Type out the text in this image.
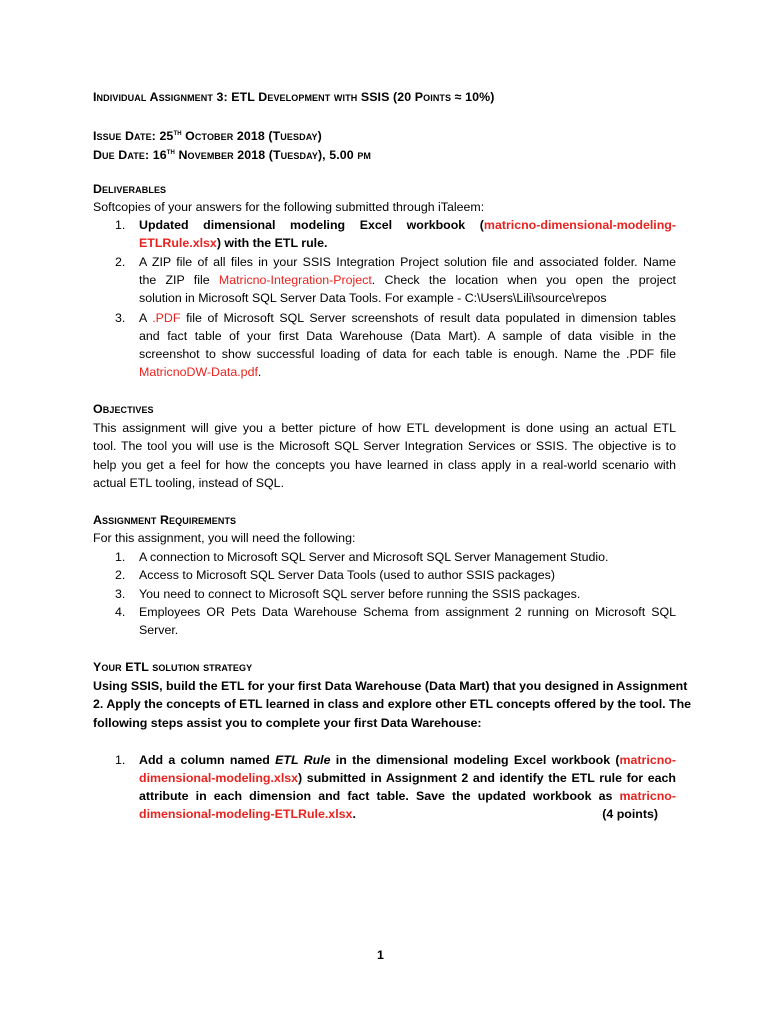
Individual Assignment 3: ETL Development with SSIS (20 Points ≈ 10%)
Issue Date: 25th October 2018 (Tuesday)
Due Date: 16th November 2018 (Tuesday), 5.00 pm
Deliverables
Softcopies of your answers for the following submitted through iTaleem:
1. Updated dimensional modeling Excel workbook (matricno-dimensional-modeling-
ETLRule.xlsx) with the ETL rule.
2. A ZIP file of all files in your SSIS Integration Project solution file and associated folder. Name
the ZIP file Matricno-Integration-Project. Check the location when you open the project
solution in Microsoft SQL Server Data Tools. For example - C:\Users\Lili\source\repos
3. A .PDF file of Microsoft SQL Server screenshots of result data populated in dimension tables
and fact table of your first Data Warehouse (Data Mart). A sample of data visible in the
screenshot to show successful loading of data for each table is enough. Name the .PDF file
MatricnoDW-Data.pdf.
Objectives
This assignment will give you a better picture of how ETL development is done using an actual ETL
tool. The tool you will use is the Microsoft SQL Server Integration Services or SSIS. The objective is to
help you get a feel for how the concepts you have learned in class apply in a real-world scenario with
actual ETL tooling, instead of SQL.
Assignment Requirements
For this assignment, you will need the following:
1. A connection to Microsoft SQL Server and Microsoft SQL Server Management Studio.
2. Access to Microsoft SQL Server Data Tools (used to author SSIS packages)
3. You need to connect to Microsoft SQL server before running the SSIS packages.
4. Employees OR Pets Data Warehouse Schema from assignment 2 running on Microsoft SQL
Server.
Your ETL solution strategy
Using SSIS, build the ETL for your first Data Warehouse (Data Mart) that you designed in Assignment
2. Apply the concepts of ETL learned in class and explore other ETL concepts offered by the tool. The
following steps assist you to complete your first Data Warehouse:
1. Add a column named ETL Rule in the dimensional modeling Excel workbook (matricno-
dimensional-modeling.xlsx) submitted in Assignment 2 and identify the ETL rule for each
attribute in each dimension and fact table. Save the updated workbook as matricno-
dimensional-modeling-ETLRule.xlsx.	(4 points)
1
